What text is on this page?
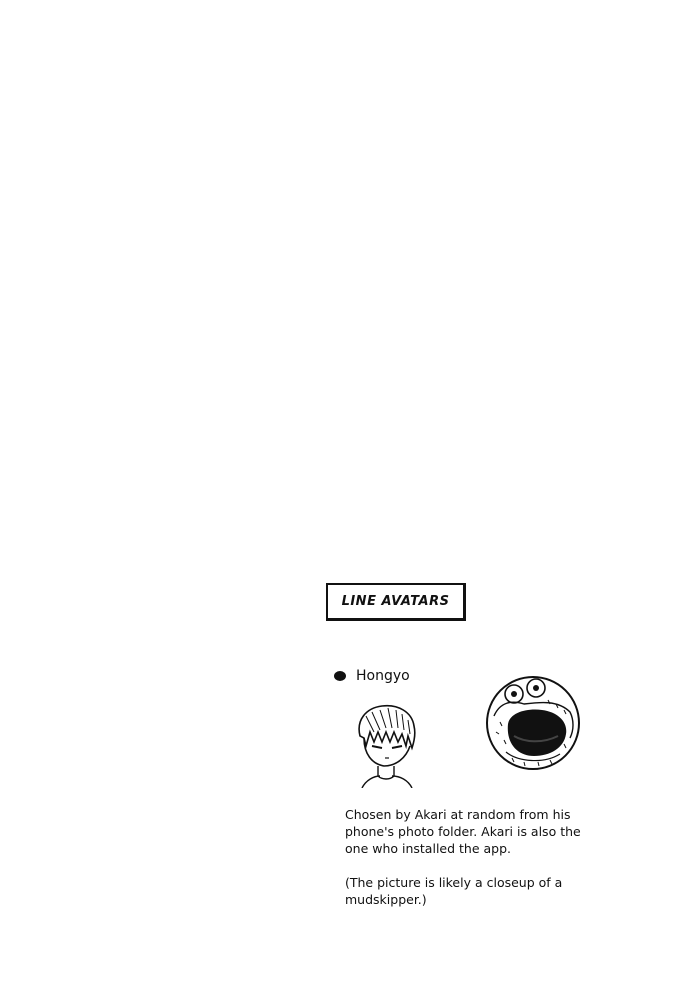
LINE AVATARS
Hongyo

Chosen by Akari at random from his
phone's photo folder. Akari is also the
one who installed the app.

(The picture is likely a closeup of a
mudskipper.)
